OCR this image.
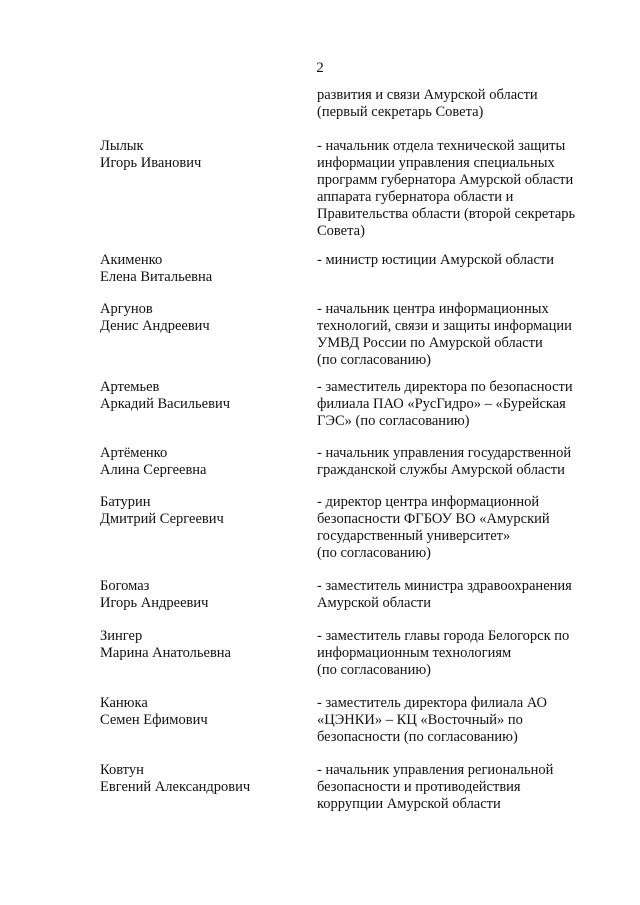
2
развития и связи Амурской области
(первый секретарь Совета)
Лылык
Игорь Иванович
- начальник отдела технической защиты
информации управления специальных
программ губернатора Амурской области
аппарата губернатора области и
Правительства области (второй секретарь
Совета)
Акименко
Елена Витальевна
- министр юстиции Амурской области
Аргунов
Денис Андреевич
- начальник центра информационных
технологий, связи и защиты информации
УМВД России по Амурской области
(по согласованию)
Артемьев
Аркадий Васильевич
- заместитель директора по безопасности
филиала ПАО «РусГидро» – «Бурейская
ГЭС» (по согласованию)
Артёменко
Алина Сергеевна
- начальник управления государственной
гражданской службы Амурской области
Батурин
Дмитрий Сергеевич
- директор центра информационной
безопасности ФГБОУ ВО «Амурский
государственный университет»
(по согласованию)
Богомаз
Игорь Андреевич
- заместитель министра здравоохранения
Амурской области
Зингер
Марина Анатольевна
- заместитель главы города Белогорск по
информационным технологиям
(по согласованию)
Канюка
Семен Ефимович
- заместитель директора филиала АО
«ЦЭНКИ» – КЦ «Восточный» по
безопасности (по согласованию)
Ковтун
Евгений Александрович
- начальник управления региональной
безопасности и противодействия
коррупции Амурской области
